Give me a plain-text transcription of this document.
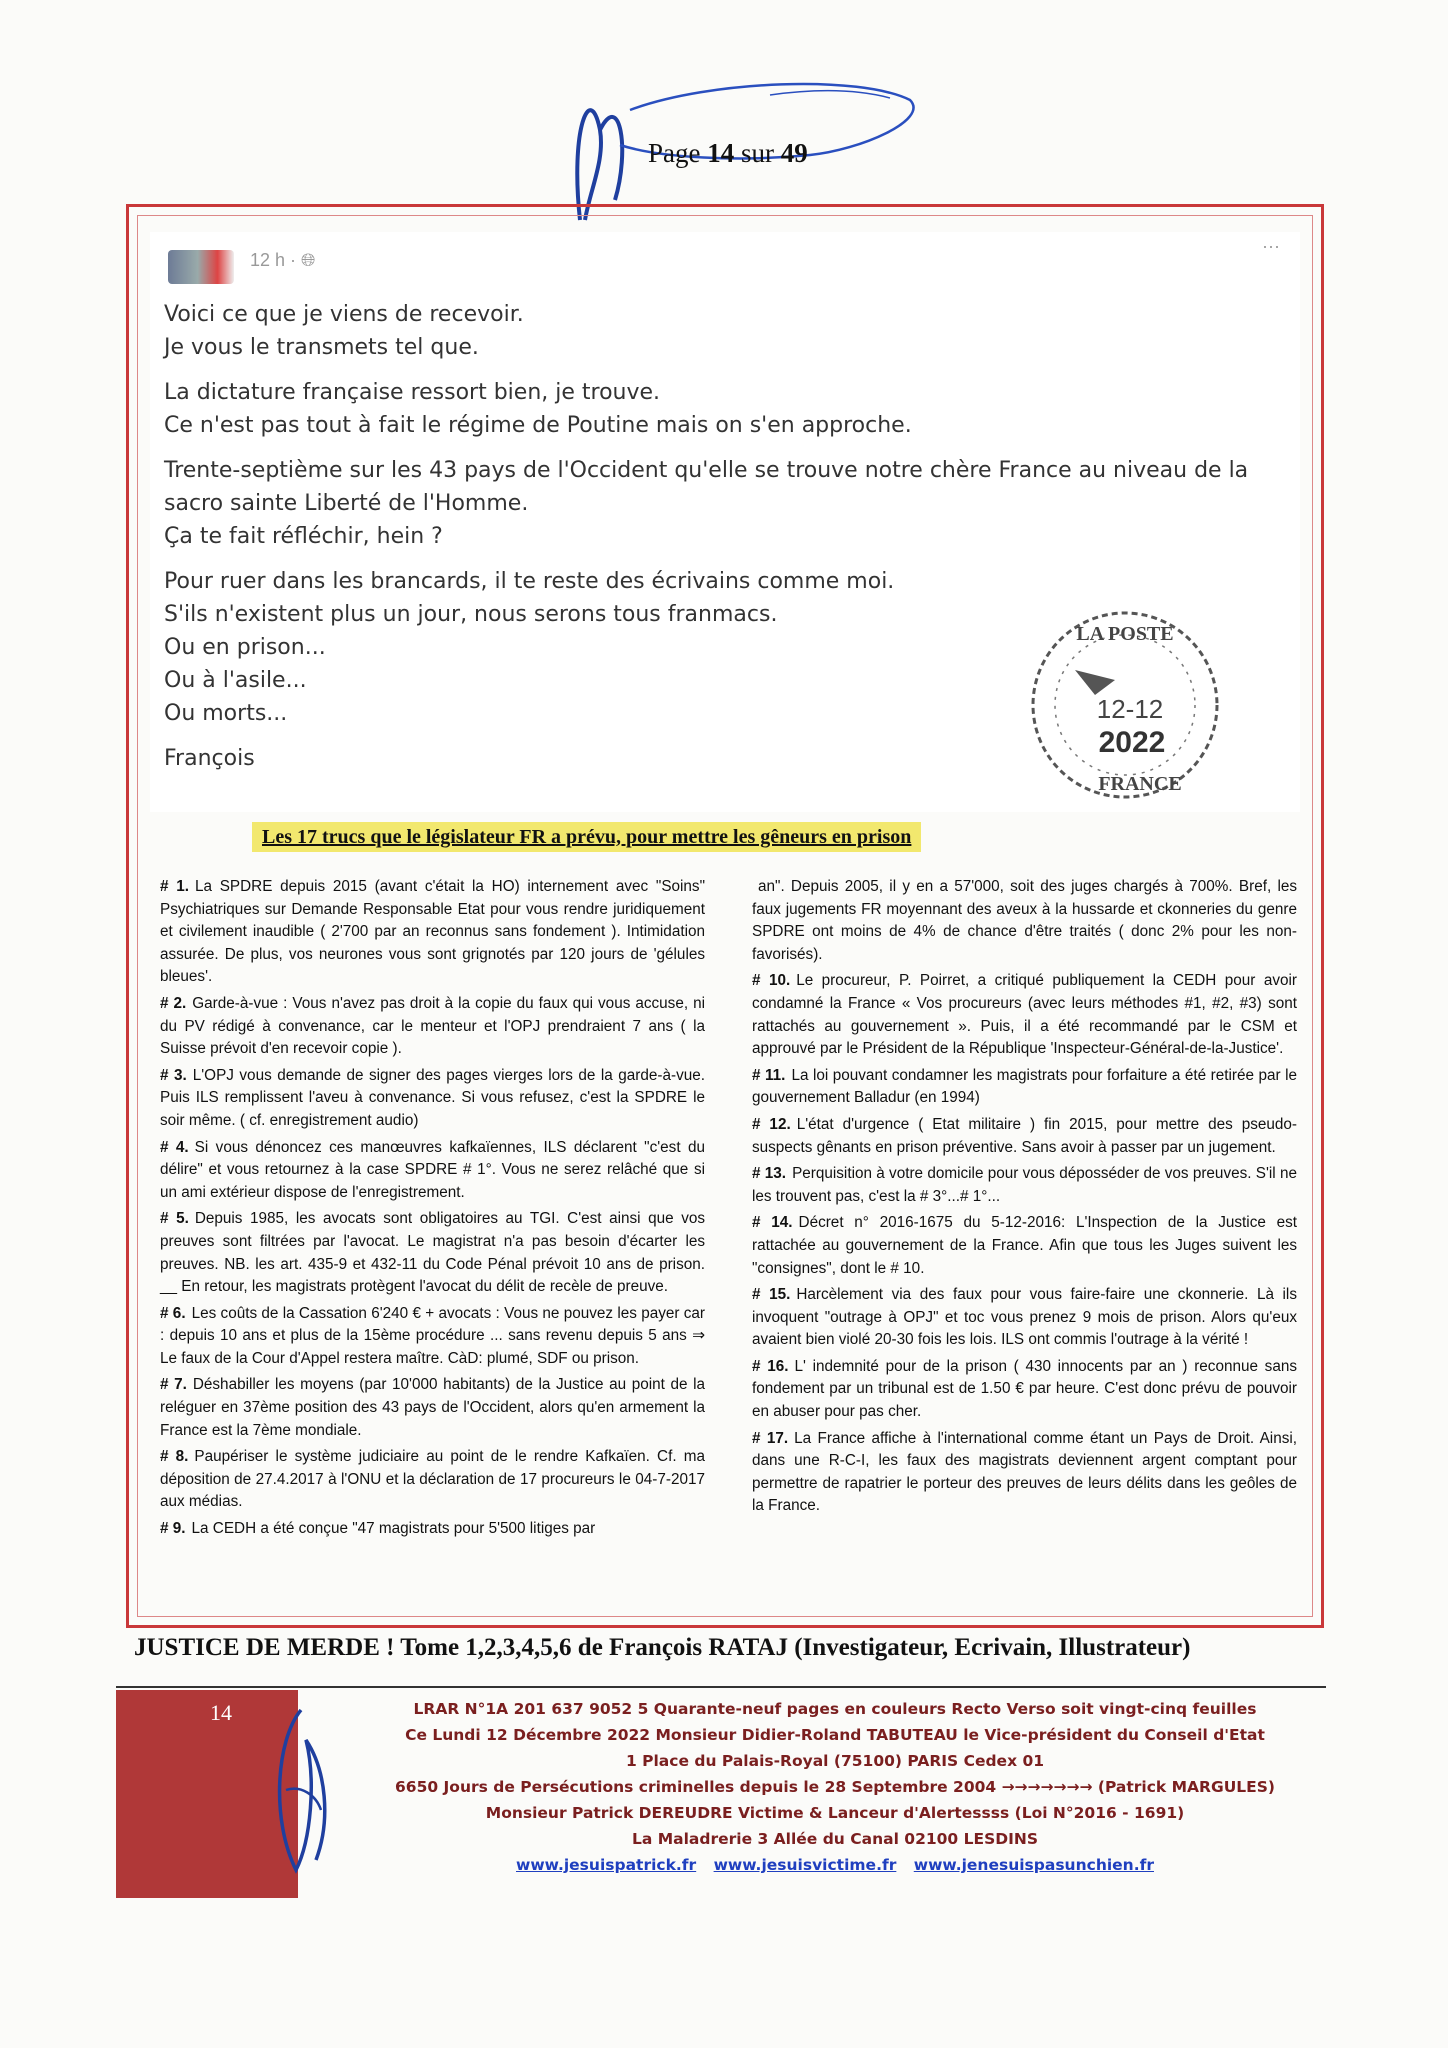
Page 14 sur 49
12 h · 🌐︎
···
Voici ce que je viens de recevoir.
Je vous le transmets tel que.
La dictature française ressort bien, je trouve.
Ce n'est pas tout à fait le régime de Poutine mais on s'en approche.
Trente-septième sur les 43 pays de l'Occident qu'elle se trouve notre chère France au niveau de la sacro sainte Liberté de l'Homme.
Ça te fait réfléchir, hein ?
Pour ruer dans les brancards, il te reste des écrivains comme moi.
S'ils n'existent plus un jour, nous serons tous franmacs.
Ou en prison...
Ou à l'asile...
Ou morts...
François
LA POSTE
12-12
2022
FRANCE
Les 17 trucs que le législateur FR a prévu, pour mettre les gêneurs en prison

# 1. La SPDRE depuis 2015 (avant c'était la HO) internement avec "Soins" Psychiatriques sur Demande Responsable Etat pour vous rendre juridiquement et civilement inaudible ( 2'700 par an reconnus sans fondement ). Intimidation assurée. De plus, vos neurones vous sont grignotés par 120 jours de 'gélules bleues'.

# 2. Garde-à-vue : Vous n'avez pas droit à la copie du faux qui vous accuse, ni du PV rédigé à convenance, car le menteur et l'OPJ prendraient 7 ans ( la Suisse prévoit d'en recevoir copie ).

# 3. L'OPJ vous demande de signer des pages vierges lors de la garde-à-vue. Puis ILS remplissent l'aveu à convenance. Si vous refusez, c'est la SPDRE le soir même. ( cf. enregistrement audio)

# 4. Si vous dénoncez ces manœuvres kafkaïennes, ILS déclarent "c'est du délire" et vous retournez à la case SPDRE # 1°. Vous ne serez relâché que si un ami extérieur dispose de l'enregistrement.

# 5. Depuis 1985, les avocats sont obligatoires au TGI. C'est ainsi que vos preuves sont filtrées par l'avocat. Le magistrat n'a pas besoin d'écarter les preuves. NB. les art. 435-9 et 432-11 du Code Pénal prévoit 10 ans de prison. __ En retour, les magistrats protègent l'avocat du délit de recèle de preuve.

# 6. Les coûts de la Cassation 6'240 € + avocats : Vous ne pouvez les payer car : depuis 10 ans et plus de la 15ème procédure ... sans revenu depuis 5 ans ⇒ Le faux de la Cour d'Appel restera maître. CàD: plumé, SDF ou prison.

# 7. Déshabiller les moyens (par 10'000 habitants) de la Justice au point de la reléguer en 37ème position des 43 pays de l'Occident, alors qu'en armement la France est la 7ème mondiale.

# 8. Paupériser le système judiciaire au point de le rendre Kafkaïen. Cf. ma déposition de 27.4.2017 à l'ONU et la déclaration de 17 procureurs le 04-7-2017 aux médias.

# 9. La CEDH a été conçue "47 magistrats pour 5'500 litiges par

an". Depuis 2005, il y en a 57'000, soit des juges chargés à 700%. Bref, les faux jugements FR moyennant des aveux à la hussarde et ckonneries du genre SPDRE ont moins de 4% de chance d'être traités ( donc 2% pour les non-favorisés).

# 10. Le procureur, P. Poirret, a critiqué publiquement la CEDH pour avoir condamné la France « Vos procureurs (avec leurs méthodes #1, #2, #3) sont rattachés au gouvernement ». Puis, il a été recommandé par le CSM et approuvé par le Président de la République 'Inspecteur-Général-de-la-Justice'.

# 11. La loi pouvant condamner les magistrats pour forfaiture a été retirée par le gouvernement Balladur (en 1994)

# 12. L'état d'urgence ( Etat militaire ) fin 2015, pour mettre des pseudo-suspects gênants en prison préventive. Sans avoir à passer par un jugement.

# 13. Perquisition à votre domicile pour vous déposséder de vos preuves. S'il ne les trouvent pas, c'est la # 3°...# 1°...

# 14. Décret n° 2016-1675 du 5-12-2016: L'Inspection de la Justice est rattachée au gouvernement de la France. Afin que tous les Juges suivent les "consignes", dont le # 10.

# 15. Harcèlement via des faux pour vous faire-faire une ckonnerie. Là ils invoquent "outrage à OPJ" et toc vous prenez 9 mois de prison. Alors qu'eux avaient bien violé 20-30 fois les lois. ILS ont commis l'outrage à la vérité !

# 16. L' indemnité pour de la prison ( 430 innocents par an ) reconnue sans fondement par un tribunal est de 1.50 € par heure. C'est donc prévu de pouvoir en abuser pour pas cher.

# 17. La France affiche à l'international comme étant un Pays de Droit. Ainsi, dans une R-C-I, les faux des magistrats deviennent argent comptant pour permettre de rapatrier le porteur des preuves de leurs délits dans les geôles de la France.

JUSTICE DE MERDE ! Tome 1,2,3,4,5,6 de François RATAJ (Investigateur, Ecrivain, Illustrateur)
14	LRAR N°1A 201 637 9052 5 Quarante-neuf pages en couleurs Recto Verso soit vingt-cinq feuilles
Ce Lundi 12 Décembre 2022 Monsieur Didier-Roland TABUTEAU le Vice-président du Conseil d'Etat
1 Place du Palais-Royal (75100) PARIS Cedex 01
6650 Jours de Persécutions criminelles depuis le 28 Septembre 2004 →→→→→→→ (Patrick MARGULES)
Monsieur Patrick DEREUDRE Victime & Lanceur d'Alertessss (Loi N°2016 - 1691)
La Maladrerie 3 Allée du Canal 02100 LESDINS
www.jesuispatrick.fr www.jesuisvictime.fr www.jenesuispasunchien.fr
